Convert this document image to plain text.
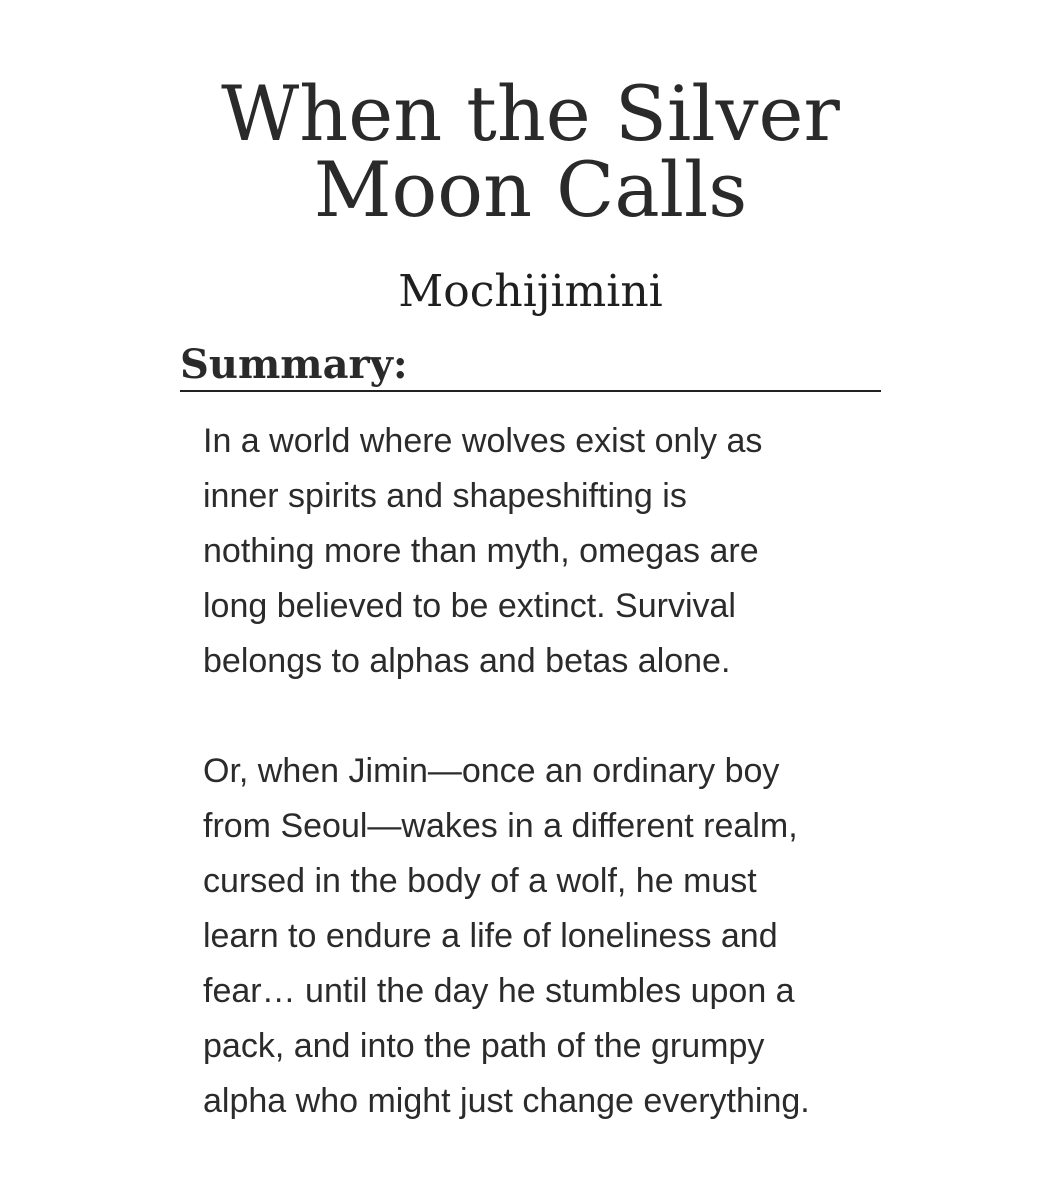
When the Silver
Moon Calls
Mochijimini
Summary:
In a world where wolves exist only as
inner spirits and shapeshifting is
nothing more than myth, omegas are
long believed to be extinct. Survival
belongs to alphas and betas alone.
Or, when Jimin—once an ordinary boy
from Seoul—wakes in a different realm,
cursed in the body of a wolf, he must
learn to endure a life of loneliness and
fear… until the day he stumbles upon a
pack, and into the path of the grumpy
alpha who might just change everything.
